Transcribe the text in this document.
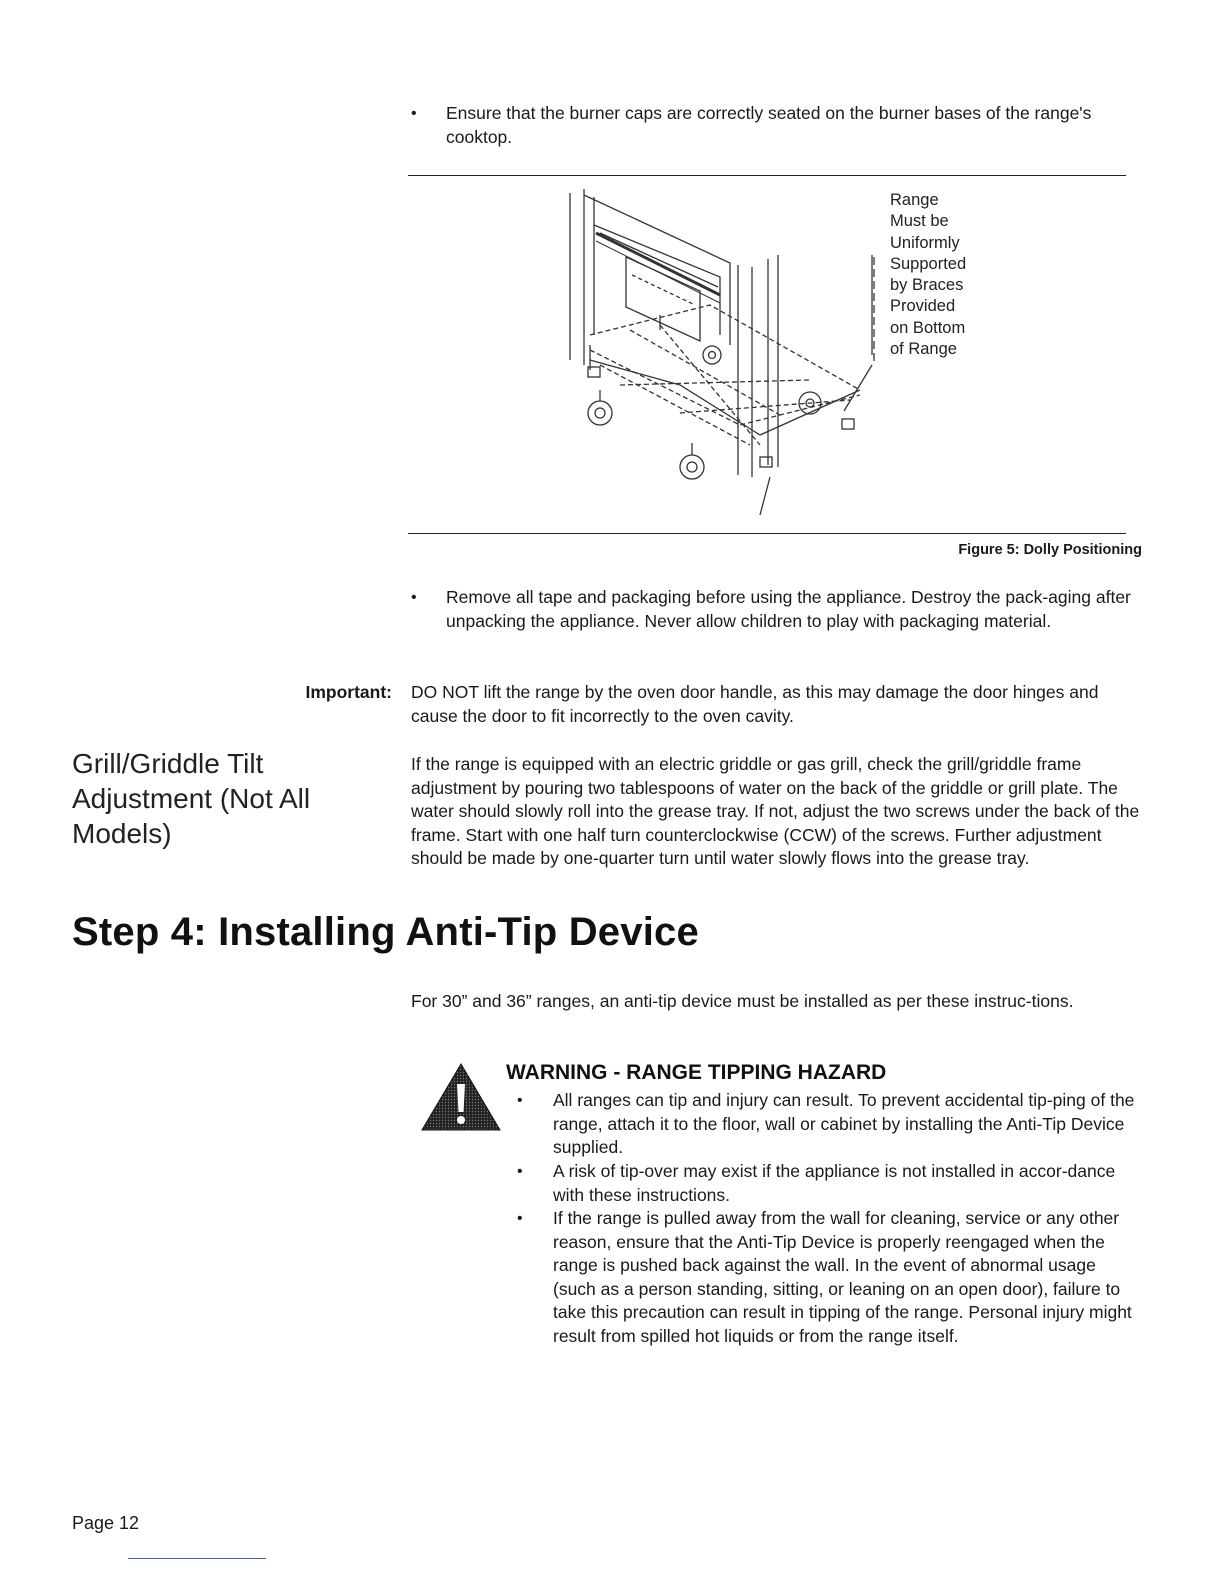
•	Ensure that the burner caps are correctly seated on the burner bases of the range's cooktop.
Range
Must be
Uniformly
Supported
by Braces
Provided
on Bottom
of Range
Figure 5: Dolly Positioning
•	Remove all tape and packaging before using the appliance. Destroy the pack-aging after unpacking the appliance. Never allow children to play with packaging material.
Important: DO NOT lift the range by the oven door handle, as this may damage the door hinges and cause the door to fit incorrectly to the oven cavity.
Grill/Griddle Tilt
Adjustment (Not All
Models)
If the range is equipped with an electric griddle or gas grill, check the grill/griddle frame adjustment by pouring two tablespoons of water on the back of the griddle or grill plate. The water should slowly roll into the grease tray. If not, adjust the two screws under the back of the frame. Start with one half turn counterclockwise (CCW) of the screws. Further adjustment should be made by one-quarter turn until water slowly flows into the grease tray.
Step 4: Installing Anti-Tip Device
For 30” and 36” ranges, an anti-tip device must be installed as per these instruc-tions.
WARNING - RANGE TIPPING HAZARD
•	All ranges can tip and injury can result. To prevent accidental tip-ping of the range, attach it to the floor, wall or cabinet by installing the Anti-Tip Device supplied.
•	A risk of tip-over may exist if the appliance is not installed in accor-dance with these instructions.
•	If the range is pulled away from the wall for cleaning, service or any other reason, ensure that the Anti-Tip Device is properly reengaged when the range is pushed back against the wall. In the event of abnormal usage (such as a person standing, sitting, or leaning on an open door), failure to take this precaution can result in tipping of the range. Personal injury might result from spilled hot liquids or from the range itself.
Page 12
